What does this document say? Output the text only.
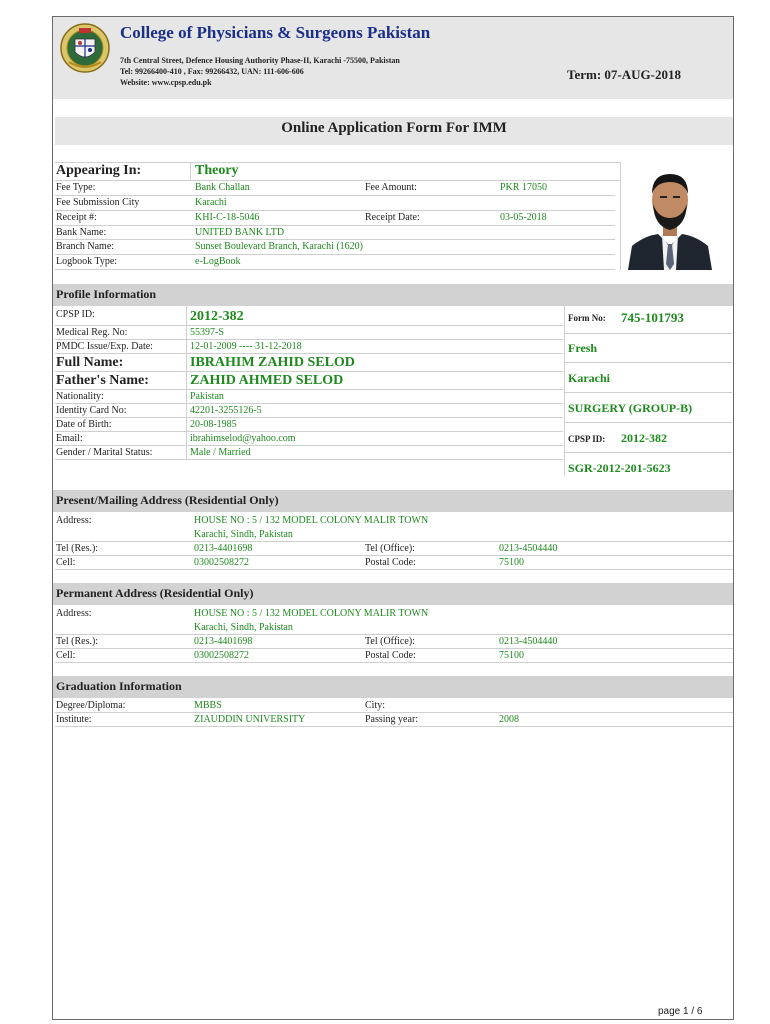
College of Physicians & Surgeons Pakistan
7th Central Street, Defence Housing Authority Phase-II, Karachi -75500, Pakistan
Tel: 99266400-410 , Fax: 99266432, UAN: 111-606-606
Website: www.cpsp.edu.pk
Term: 07-AUG-2018
Online Application Form For IMM
Appearing In:	Theory
Fee Type:	Bank Challan	Fee Amount:	PKR 17050
Fee Submission City	Karachi
Receipt #:	KHI-C-18-5046	Receipt Date:	03-05-2018
Bank Name:	UNITED BANK LTD
Branch Name:	Sunset Boulevard Branch, Karachi (1620)
Logbook Type:	e-LogBook
Profile Information
CPSP ID:	2012-382
Medical Reg. No:	55397-S
PMDC Issue/Exp. Date:	12-01-2009 ---- 31-12-2018
Full Name:	IBRAHIM ZAHID SELOD
Father's Name:	ZAHID AHMED SELOD
Nationality:	Pakistan
Identity Card No:	42201-3255126-5
Date of Birth:	20-08-1985
Email:	ibrahimselod@yahoo.com
Gender / Marital Status:	Male / Married
Form No: 745-101793
Fresh
Karachi
SURGERY (GROUP-B)
CPSP ID: 2012-382
SGR-2012-201-5623
Present/Mailing Address (Residential Only)
Address:	HOUSE NO : 5 / 132 MODEL COLONY MALIR TOWN
Karachi, Sindh, Pakistan
Tel (Res.):	0213-4401698	Tel (Office):	0213-4504440
Cell:	03002508272	Postal Code:	75100
Permanent Address (Residential Only)
Address:	HOUSE NO : 5 / 132 MODEL COLONY MALIR TOWN
Karachi, Sindh, Pakistan
Tel (Res.):	0213-4401698	Tel (Office):	0213-4504440
Cell:	03002508272	Postal Code:	75100
Graduation Information
Degree/Diploma:	MBBS	City:
Institute:	ZIAUDDIN UNIVERSITY	Passing year:	2008
page 1 / 6
